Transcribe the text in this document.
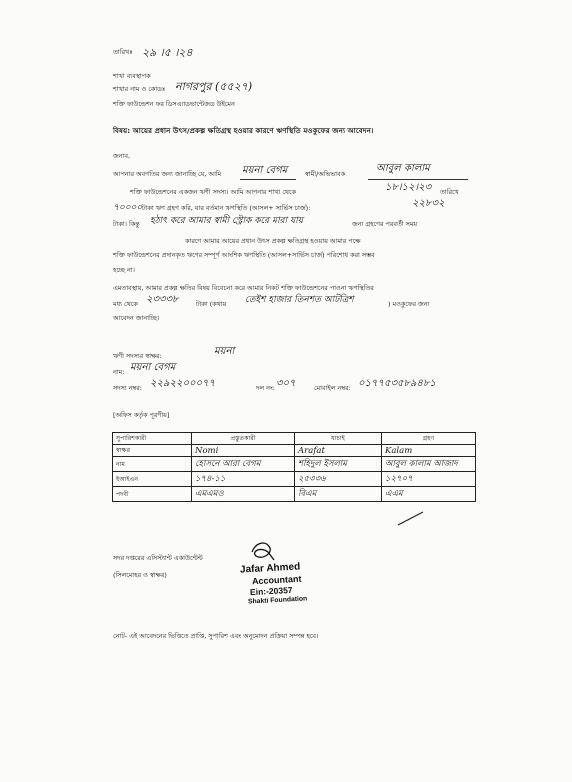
তারিখঃ ২৯ ।৫ ।২৪
শাখা ব্যবস্থাপক
শাখার নাম ও কোডঃ নাগরপুর (৫৫২৭)
শক্তি ফাউন্ডেশন ফর ডিসএ্যাডভান্টেজড উইমেন
বিষয়: আয়ের প্রধান উৎস/প্রকল্প ক্ষতিগ্রস্থ হওয়ার কারণে ঋণস্থিতি মওকুফের জন্য আবেদন।
জনাব,
আপনার অবগতির জন্য জানাচ্ছি যে, আমি ময়না বেগম	স্বামী/অভিভাবক	আবুল কালাম
শক্তি ফাউন্ডেশনের একজন ঋণী সদস্য। আমি আপনার শাখা থেকে	১৮।১২।২৩ তারিখে
৭০০০০ টাকা ঋণ গ্রহণ করি, যার বর্তমান ঋণস্থিতি (আসল+ সার্ভিস চার্জ):	২২৮৩২
টাকা। কিন্তু হঠাৎ করে আমার স্বামী স্ট্রোক করে মারা যায়	জন্য গ্রহণের পরবর্তী সময়
কারণে আমার আয়ের প্রধান উৎস প্রকল্প ক্ষতিগ্রস্থ হওয়ায় আমার পক্ষে
শক্তি ফাউন্ডেশনের প্রদানকৃত ঋণের সম্পূর্ণ আংশিক ঋণস্থিতি (আসল+সার্ভিস চার্জ) পরিশোধ করা সম্ভব
হচ্ছে না।
এমতাবস্থায়, আমার প্রকল্প ক্ষতির বিষয় বিবেচনা করে আমার নিকট শক্তি ফাউন্ডেশনের পাওনা ঋণস্থিতির
মধ্য থেকে ২৩৩৩৮	টাকা (কথায় তেইশ হাজার তিনশত আটত্রিশ	) মওকুফের জন্য
আবেদন জানাচ্ছি।
ঋণী সদস্যর স্বাক্ষর:	ময়না
নাম: ময়না বেগম
সদস্য নম্বর: ২২৯২২০০০৭৭	দল নং: ৩০৭	মোবাইল নম্বর: ০১৭৭৫৩৫৮৯৪৮১
[অফিস কর্তৃক পূরণীয়]
সুপারিশকারী	প্রস্তুতকারী	যাচাই	গ্রহণ
স্বাক্ষর	Nomi	Arafat	Kalam
নাম	হোসনে আরা বেগম	শহিদুল ইসলাম	আবুল কালাম আজাদ
ইআইএন	১৭৪-১১	২৫৩৩৬	১২৭০৭
পদবী	এমএমও	বিএম	এএম
সদর দপ্তরের এসিস্ট্যান্ট একাউন্টেন্ট
(সিলমোহর ও স্বাক্ষর)	Jafar Ahmed
Accountant
Ein:-20357
Shakti Foundation
নোট- এই আবেদনের ভিত্তিতে প্রাপ্তি, সুপারিশ এবং অনুমোদন প্রক্রিয়া সম্পন্ন হবে।
